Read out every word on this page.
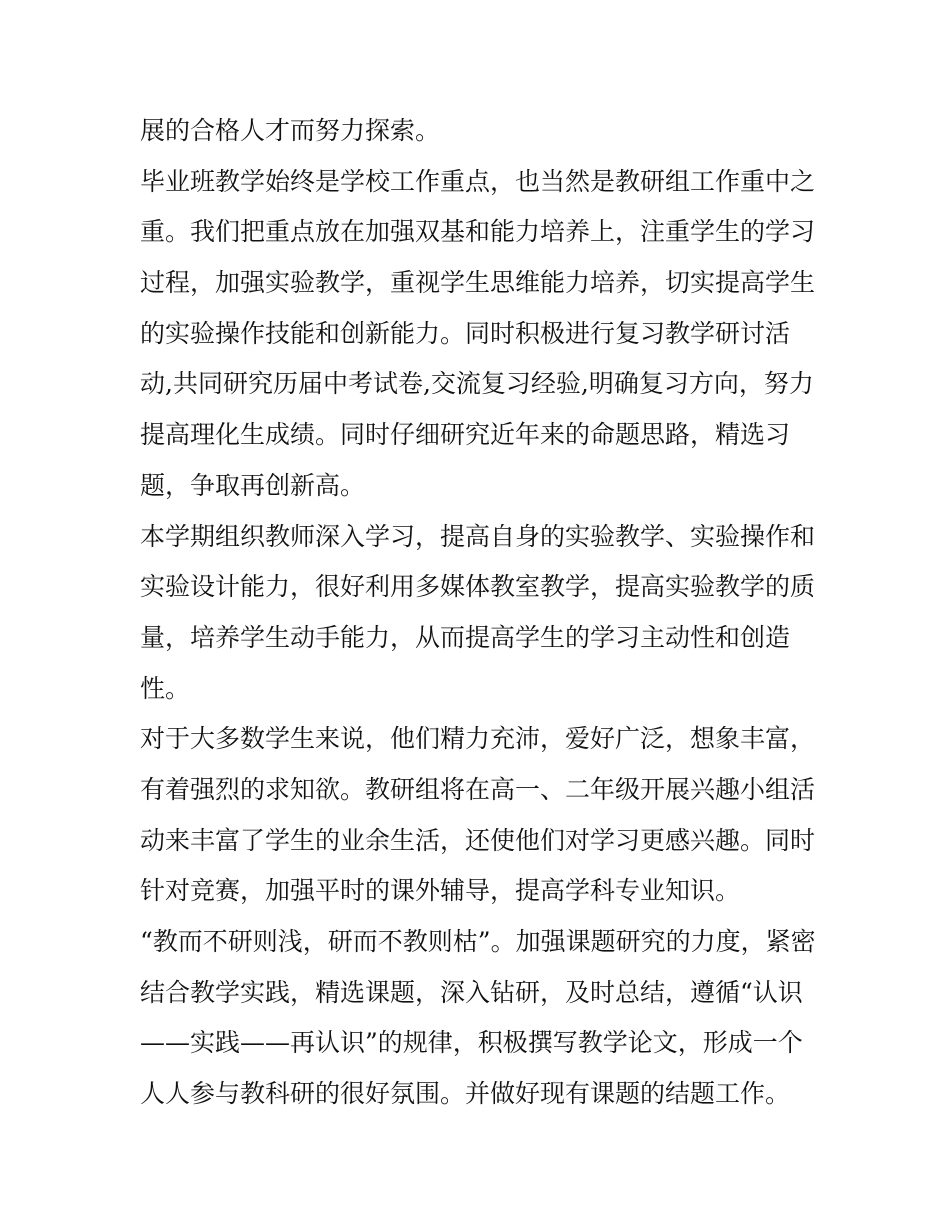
展的合格人才而努力探索。
毕业班教学始终是学校工作重点，也当然是教研组工作重中之
重。我们把重点放在加强双基和能力培养上，注重学生的学习
过程，加强实验教学，重视学生思维能力培养，切实提高学生
的实验操作技能和创新能力。同时积极进行复习教学研讨活
动,共同研究历届中考试卷,交流复习经验,明确复习方向，努力
提高理化生成绩。同时仔细研究近年来的命题思路，精选习
题，争取再创新高。
本学期组织教师深入学习，提高自身的实验教学、实验操作和
实验设计能力，很好利用多媒体教室教学，提高实验教学的质
量，培养学生动手能力，从而提高学生的学习主动性和创造
性。
对于大多数学生来说，他们精力充沛，爱好广泛，想象丰富，
有着强烈的求知欲。教研组将在高一、二年级开展兴趣小组活
动来丰富了学生的业余生活，还使他们对学习更感兴趣。同时
针对竞赛，加强平时的课外辅导，提高学科专业知识。
“教而不研则浅，研而不教则枯”。加强课题研究的力度，紧密
结合教学实践，精选课题，深入钻研，及时总结，遵循“认识
——实践——再认识”的规律，积极撰写教学论文，形成一个
人人参与教科研的很好氛围。并做好现有课题的结题工作。
